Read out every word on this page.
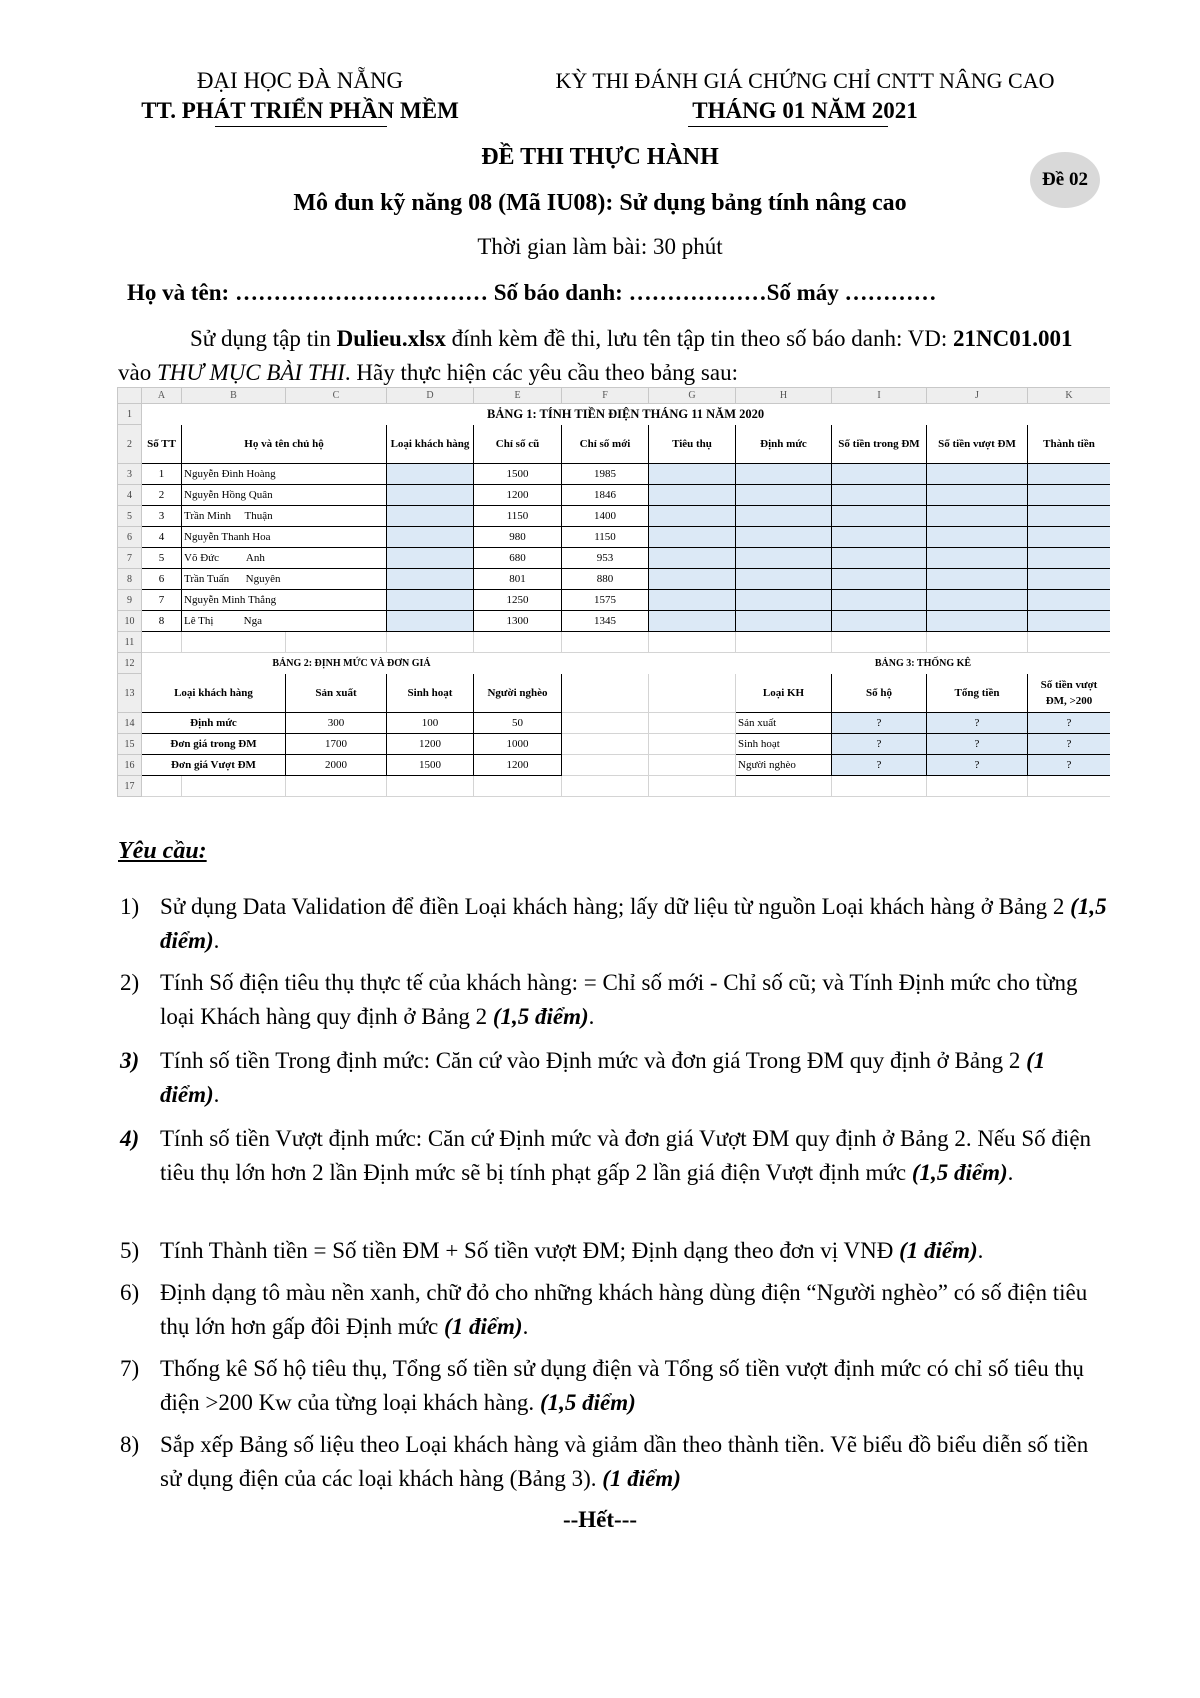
ĐẠI HỌC ĐÀ NẴNG
TT. PHÁT TRIỂN PHẦN MỀM
KỲ THI ĐÁNH GIÁ CHỨNG CHỈ CNTT NÂNG CAO
THÁNG 01 NĂM 2021
ĐỀ THI THỰC HÀNH
Đề 02
Mô đun kỹ năng 08 (Mã IU08): Sử dụng bảng tính nâng cao
Thời gian làm bài: 30 phút
Họ và tên: …………………………… Số báo danh: ………………Số máy …………
Sử dụng tập tin Dulieu.xlsx đính kèm đề thi, lưu tên tập tin theo số báo danh: VD: 21NC01.001 vào THƯ MỤC BÀI THI. Hãy thực hiện các yêu cầu theo bảng sau:
	A	B	C	D	E	F	G	H	I	J	K
1				BẢNG 1: TÍNH TIỀN ĐIỆN THÁNG 11 NĂM 2020							
2	Số TT	Họ và tên chủ hộ		Loại khách hàng	Chỉ số cũ	Chỉ số mới	Tiêu thụ	Định mức	Số tiền trong ĐM	Số tiền vượt ĐM	Thành tiền
3	1	Nguyễn Đình Hoàng			1500	1985					
4	2	Nguyễn Hồng Quân			1200	1846					
5	3	Trần Minh     Thuận			1150	1400					
6	4	Nguyễn Thanh Hoa			980	1150					
7	5	Võ Đức          Anh			680	953					
8	6	Trần Tuấn      Nguyên			801	880					
9	7	Nguyễn Minh Thắng			1250	1575					
10	8	Lê Thị           Nga			1300	1345					
11											
12	BẢNG 2: ĐỊNH MỨC VÀ ĐƠN GIÁ							BẢNG 3: THỐNG KÊ			
13	Loại khách hàng		Sản xuất	Sinh hoạt	Người nghèo			Loại KH	Số hộ	Tổng tiền	Số tiền vượt ĐM, >200
14	Định mức		300	100	50			Sản xuất	?	?	?
15	Đơn giá trong ĐM		1700	1200	1000			Sinh hoạt	?	?	?
16	Đơn giá Vượt ĐM		2000	1500	1200			Người nghèo	?	?	?
17											
Yêu cầu:
1) Sử dụng Data Validation để điền Loại khách hàng; lấy dữ liệu từ nguồn Loại khách hàng ở Bảng 2 (1,5 điểm).
2) Tính Số điện tiêu thụ thực tế của khách hàng: = Chỉ số mới - Chỉ số cũ; và Tính Định mức cho từng loại Khách hàng quy định ở Bảng 2 (1,5 điểm).
3) Tính số tiền Trong định mức: Căn cứ vào Định mức và đơn giá Trong ĐM quy định ở Bảng 2 (1 điểm).
4) Tính số tiền Vượt định mức: Căn cứ Định mức và đơn giá Vượt ĐM quy định ở Bảng 2. Nếu Số điện tiêu thụ lớn hơn 2 lần Định mức sẽ bị tính phạt gấp 2 lần giá điện Vượt định mức (1,5 điểm).
5) Tính Thành tiền = Số tiền ĐM + Số tiền vượt ĐM; Định dạng theo đơn vị VNĐ (1 điểm).
6) Định dạng tô màu nền xanh, chữ đỏ cho những khách hàng dùng điện “Người nghèo” có số điện tiêu thụ lớn hơn gấp đôi Định mức (1 điểm).
7) Thống kê Số hộ tiêu thụ, Tổng số tiền sử dụng điện và Tổng số tiền vượt định mức có chỉ số tiêu thụ điện >200 Kw của từng loại khách hàng. (1,5 điểm)
8) Sắp xếp Bảng số liệu theo Loại khách hàng và giảm dần theo thành tiền. Vẽ biểu đồ biểu diễn số tiền sử dụng điện của các loại khách hàng (Bảng 3). (1 điểm)
--Hết---
